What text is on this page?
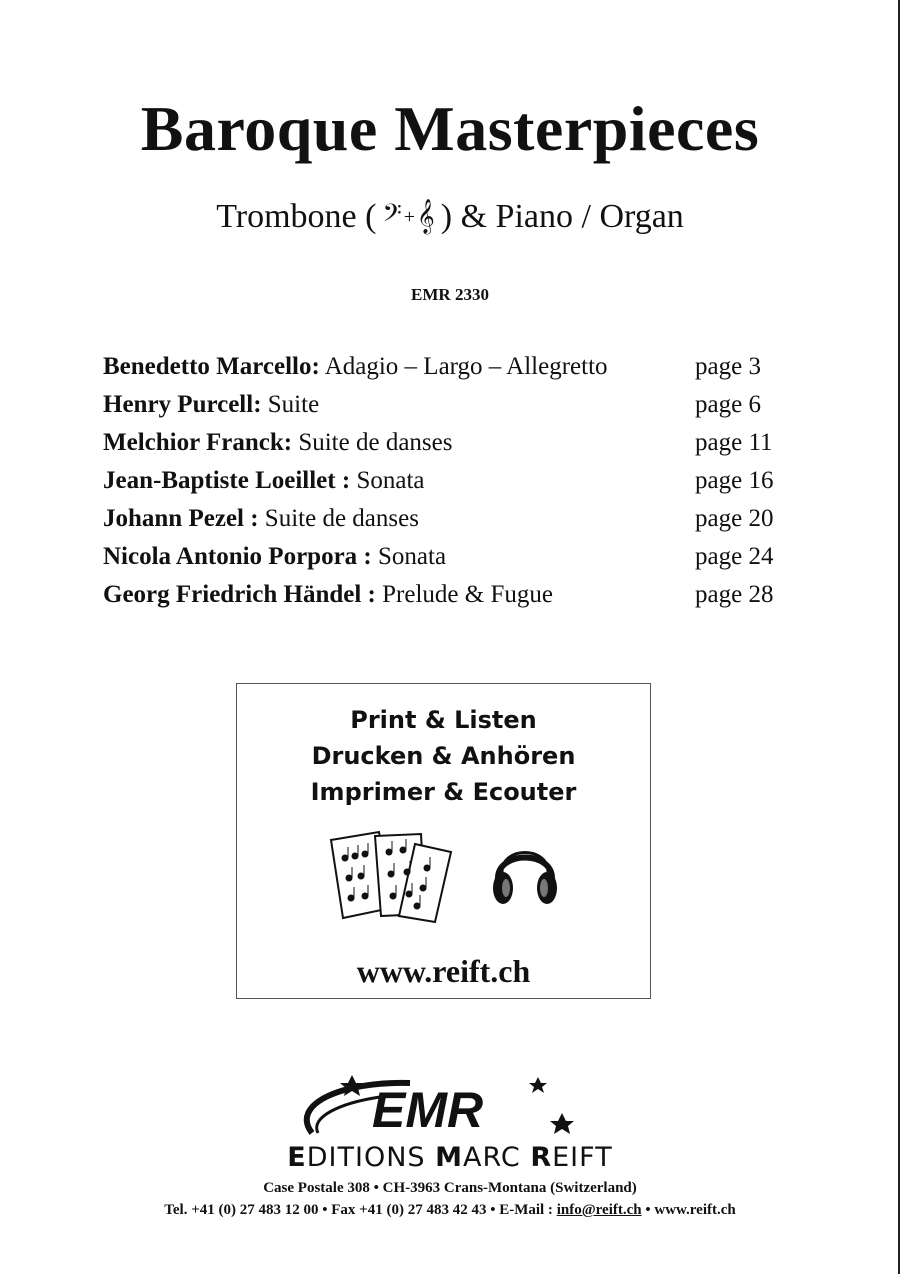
Baroque Masterpieces
Trombone ( 𝄢 + 𝄞 ) & Piano / Organ
EMR 2330
Benedetto Marcello: Adagio – Largo – Allegretto	page 3
Henry Purcell: Suite	page 6
Melchior Franck: Suite de danses	page 11
Jean-Baptiste Loeillet : Sonata	page 16
Johann Pezel : Suite de danses	page 20
Nicola Antonio Porpora : Sonata	page 24
Georg Friedrich Händel : Prelude & Fugue	page 28
Print & Listen
Drucken & Anhören
Imprimer & Ecouter
www.reift.ch
EMR
EDITIONS MARC REIFT
Case Postale 308 • CH-3963 Crans-Montana (Switzerland)
Tel. +41 (0) 27 483 12 00 • Fax +41 (0) 27 483 42 43 • E-Mail : info@reift.ch • www.reift.ch
